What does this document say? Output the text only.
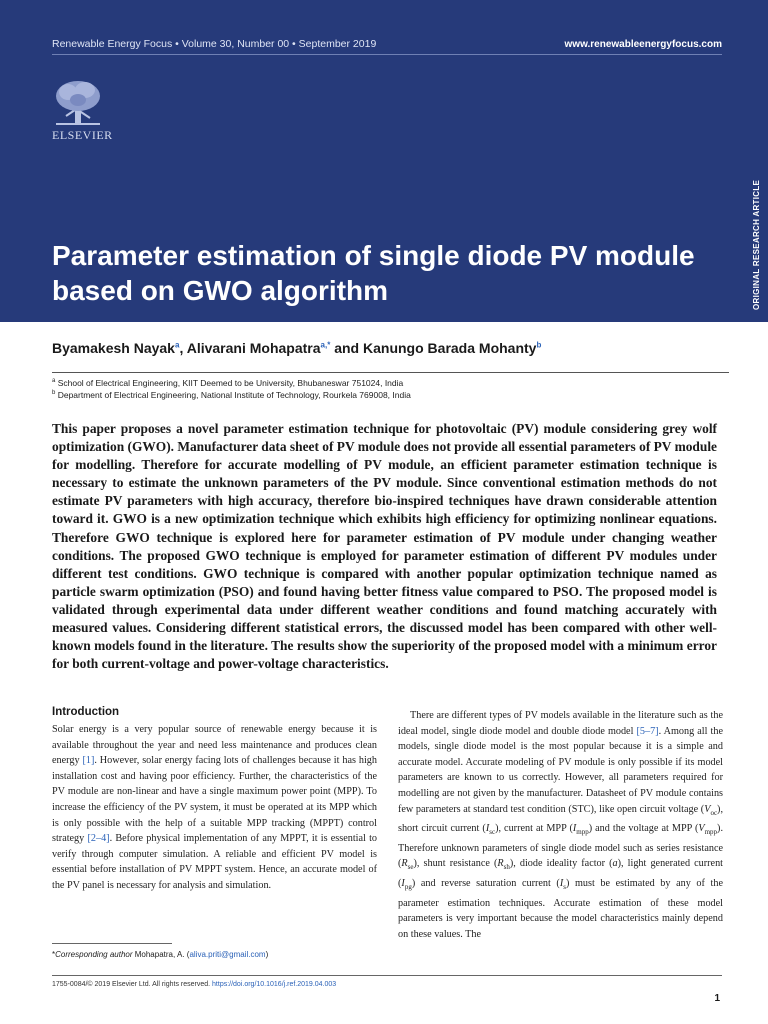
Renewable Energy Focus • Volume 30, Number 00 • September 2019	www.renewableenergyfocus.com
ELSEVIER
ORIGINAL RESEARCH ARTICLE
Parameter estimation of single diode PV module based on GWO algorithm
Byamakesh Nayak$^a$, Alivarani Mohapatra$^{a,*}$ and Kanungo Barada Mohanty$^b$
$^a$ School of Electrical Engineering, KIIT Deemed to be University, Bhubaneswar 751024, India
$^b$ Department of Electrical Engineering, National Institute of Technology, Rourkela 769008, India

This paper proposes a novel parameter estimation technique for photovoltaic (PV) module considering grey wolf optimization (GWO). Manufacturer data sheet of PV module does not provide all essential parameters of PV module for modelling. Therefore for accurate modelling of PV module, an efficient parameter estimation technique is necessary to estimate the unknown parameters of the PV module. Since conventional estimation methods do not estimate PV parameters with high accuracy, therefore bio-inspired techniques have drawn considerable attention toward it. GWO is a new optimization technique which exhibits high efficiency for optimizing nonlinear equations. Therefore GWO technique is explored here for parameter estimation of PV module under changing weather conditions. The proposed GWO technique is employed for parameter estimation of different PV modules under different test conditions. GWO technique is compared with another popular optimization technique named as particle swarm optimization (PSO) and found having better fitness value compared to PSO. The proposed model is validated through experimental data under different weather conditions and found matching accurately with measured values. Considering different statistical errors, the discussed model has been compared with other well-known models found in the literature. The results show the superiority of the proposed model with a minimum error for both current-voltage and power-voltage characteristics.

Introduction

Solar energy is a very popular source of renewable energy because it is available throughout the year and need less maintenance and produces clean energy [1]. However, solar energy facing lots of challenges because it has high installation cost and having poor efficiency. Further, the characteristics of the PV module are non-linear and have a single maximum power point (MPP). To increase the efficiency of the PV system, it must be operated at its MPP which is only possible with the help of a suitable MPP tracking (MPPT) control strategy [2–4]. Before physical implementation of any MPPT, it is essential to verify through computer simulation. A reliable and efficient PV model is essential before installation of PV MPPT system. Hence, an accurate model of the PV panel is necessary for analysis and simulation.

There are different types of PV models available in the literature such as the ideal model, single diode model and double diode model [5–7]. Among all the models, single diode model is the most popular because it is a simple and accurate model. Accurate modeling of PV module is only possible if its model parameters are known to us correctly. However, all parameters required for modelling are not given by the manufacturer. Datasheet of PV module contains few parameters at standard test condition (STC), like open circuit voltage $(V_{oc})$, short circuit current $(I_{sc})$, current at MPP $(I_{mpp})$ and the voltage at MPP $(V_{mpp})$. Therefore unknown parameters of single diode model such as series resistance $(R_{se})$, shunt resistance $(R_{sh})$, diode ideality factor (a), light generated current $(I_{pg})$ and reverse saturation current $(I_s)$ must be estimated by any of the parameter estimation techniques. Accurate estimation of these model parameters is very important because the model characteristics mainly depend on these values. The

*Corresponding author Mohapatra, A. (aliva.priti@gmail.com)
1755-0084/© 2019 Elsevier Ltd. All rights reserved. https://doi.org/10.1016/j.ref.2019.04.003
1
